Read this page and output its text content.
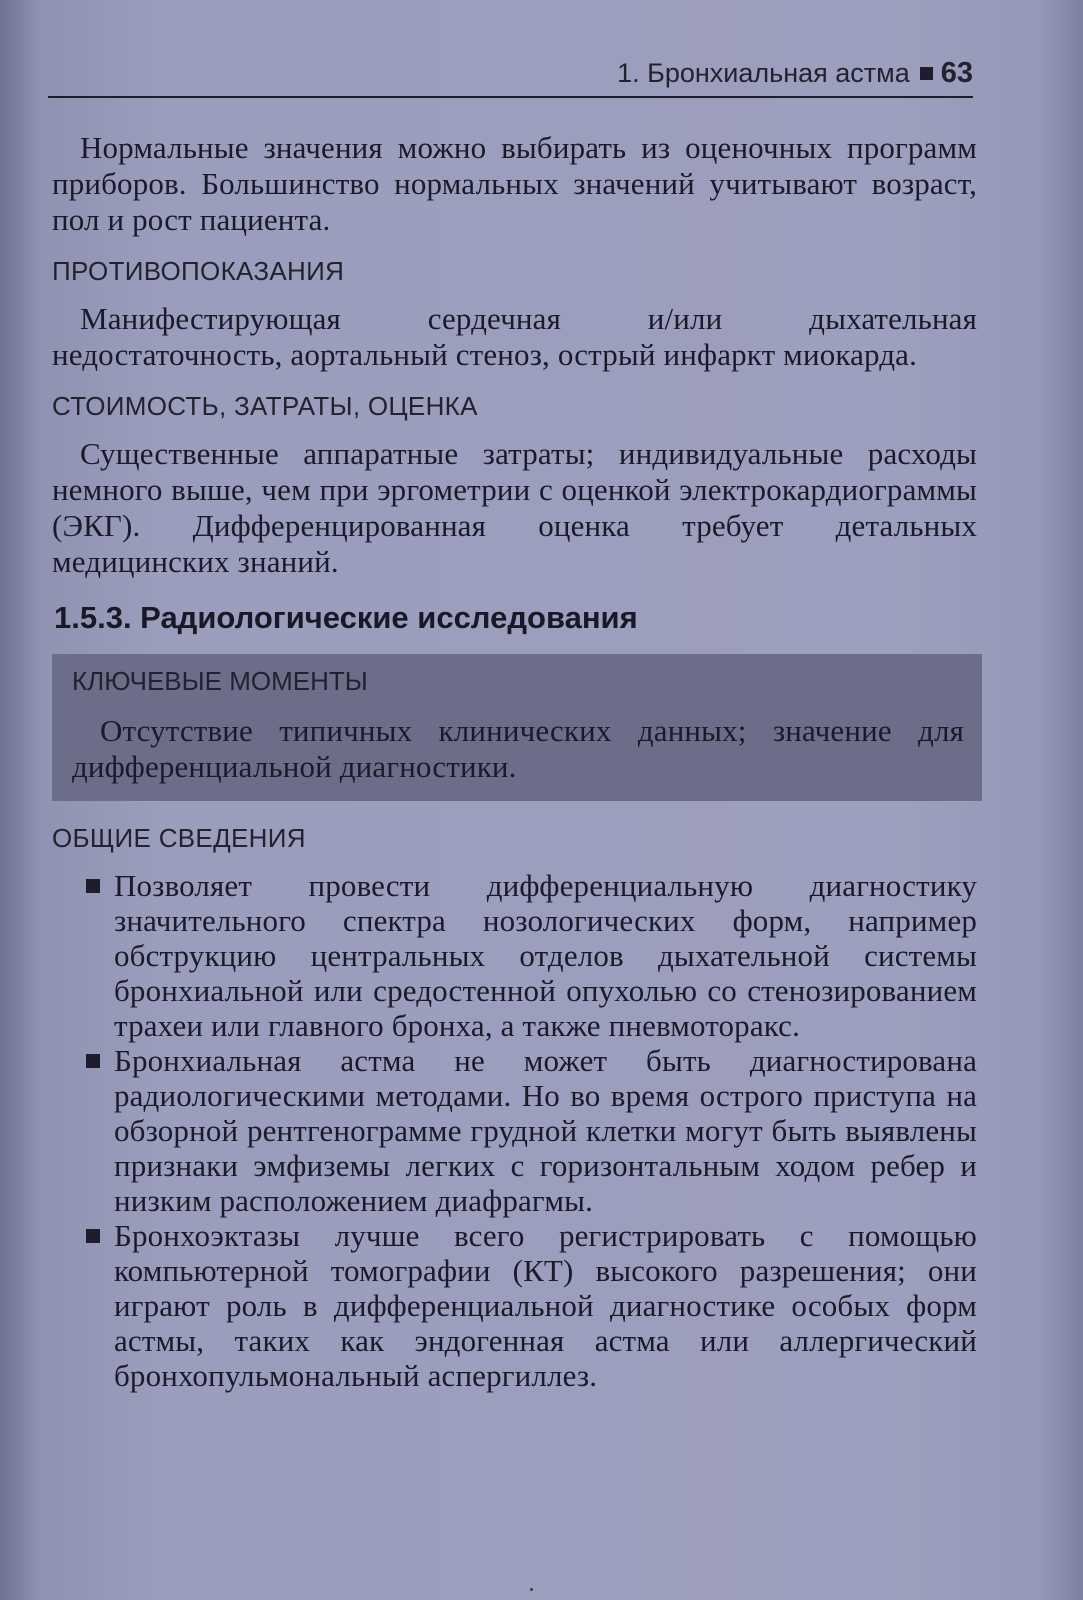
1. Бронхиальная астма 63

Нормальные значения можно выбирать из оценочных программ приборов. Большинство нормальных значений учитывают возраст, пол и рост пациента.

ПРОТИВОПОКАЗАНИЯ

Манифестирующая сердечная и/или дыхательная недостаточность, аортальный стеноз, острый инфаркт миокарда.

СТОИМОСТЬ, ЗАТРАТЫ, ОЦЕНКА

Существенные аппаратные затраты; индивидуальные расходы немного выше, чем при эргометрии с оценкой электрокардиограммы (ЭКГ). Дифференцированная оценка требует детальных медицинских знаний.

1.5.3. Радиологические исследования
КЛЮЧЕВЫЕ МОМЕНТЫ

Отсутствие типичных клинических данных; значение для дифференциальной диагностики.

ОБЩИЕ СВЕДЕНИЯ
Позволяет провести дифференциальную диагностику значительного спектра нозологических форм, например обструкцию центральных отделов дыхательной системы бронхиальной или средостенной опухолью со стенозированием трахеи или главного бронха, а также пневмоторакс.
Бронхиальная астма не может быть диагностирована радиологическими методами. Но во время острого приступа на обзорной рентгенограмме грудной клетки могут быть выявлены признаки эмфиземы легких с горизонтальным ходом ребер и низким расположением диафрагмы.
Бронхоэктазы лучше всего регистрировать с помощью компьютерной томографии (КТ) высокого разрешения; они играют роль в дифференциальной диагностике особых форм астмы, таких как эндогенная астма или аллергический бронхопульмональный аспергиллез.
